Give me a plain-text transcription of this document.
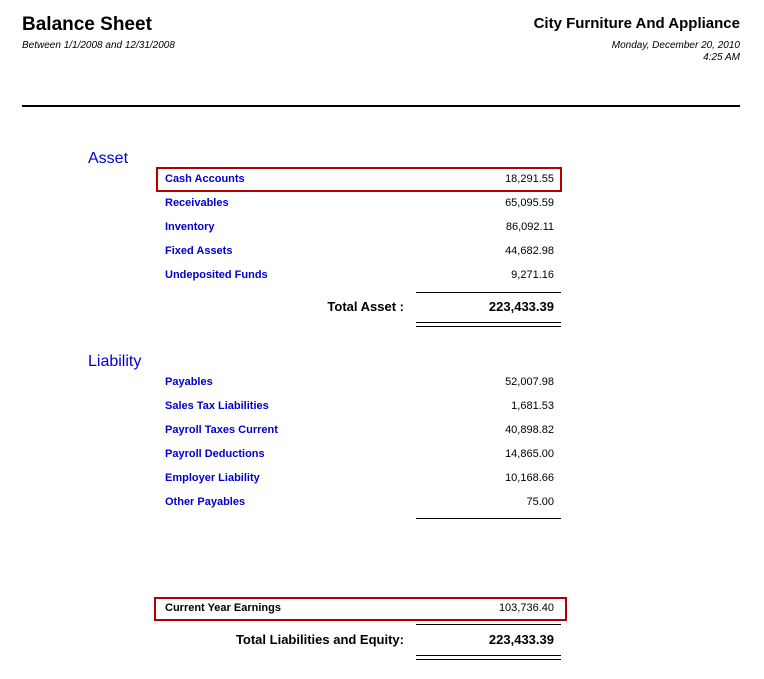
Balance Sheet
Between 1/1/2008 and 12/31/2008
City Furniture And Appliance
Monday, December 20, 2010
4:25 AM
Asset
Cash Accounts	18,291.55
Receivables	65,095.59
Inventory	86,092.11
Fixed Assets	44,682.98
Undeposited Funds	9,271.16
Total Asset :	223,433.39
Liability
Payables	52,007.98
Sales Tax Liabilities	1,681.53
Payroll Taxes Current	40,898.82
Payroll Deductions	14,865.00
Employer Liability	10,168.66
Other Payables	75.00
Current Year Earnings	103,736.40
Total Liabilities and Equity:	223,433.39
